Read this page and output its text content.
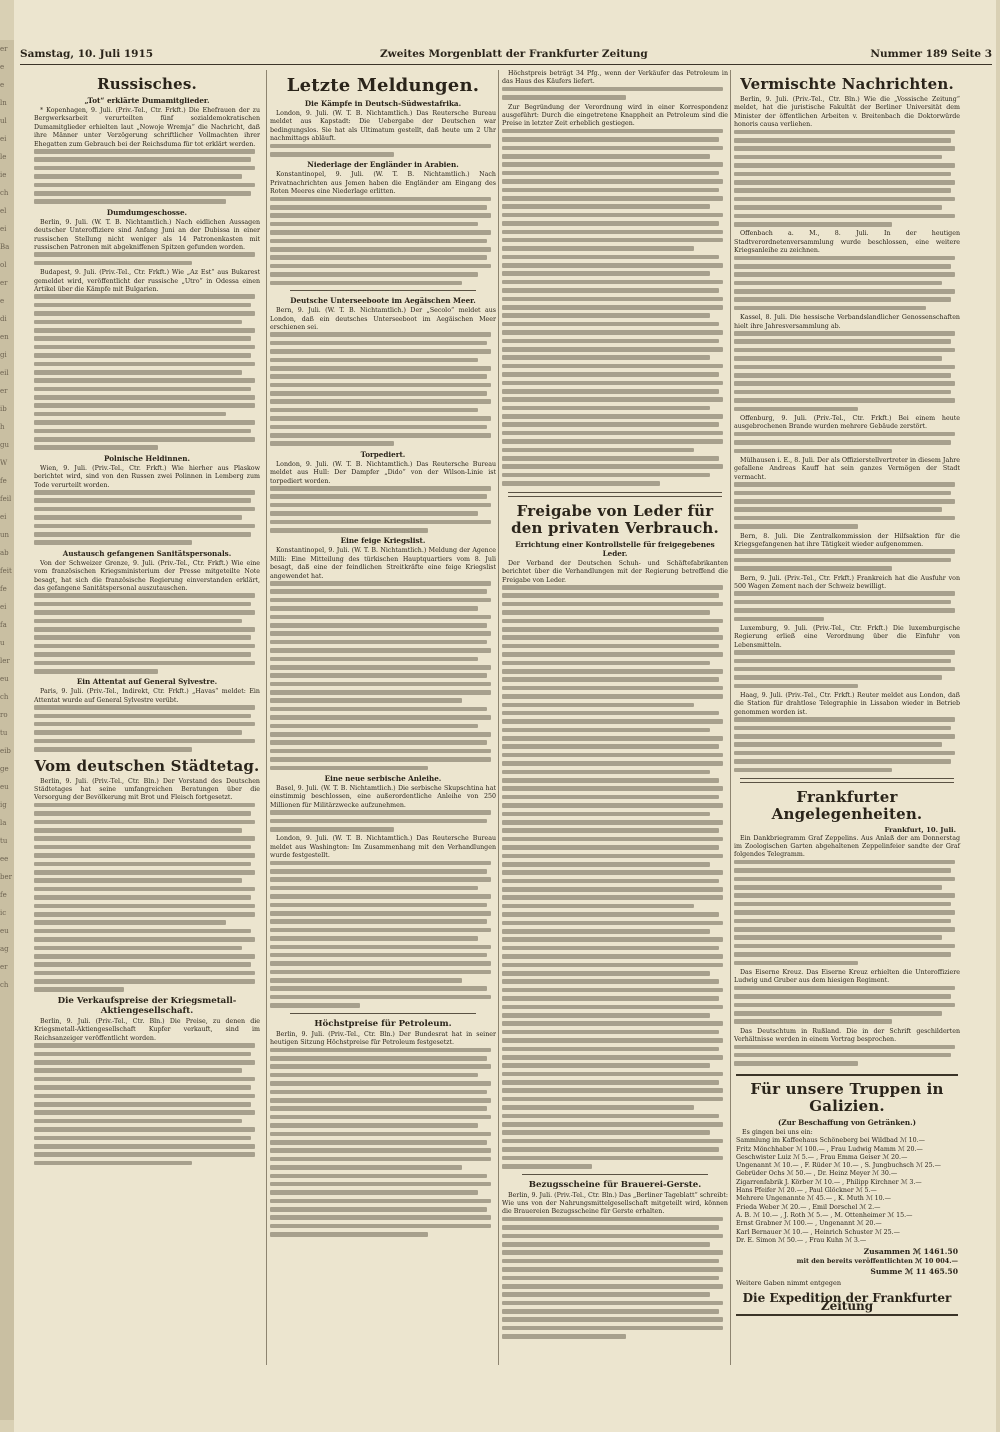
er
e
e
ln
ul
ei
le
ie
ch
el
ei
Ba
ol
er
e
di
en
gi
eil
er
ib
h
gu
W
fe
feil
ei
un
ab
feit
fe
ei
fa
u
ler
eu
ch
ro
tu
eib
ge
eu
ig
la
tu
ee
ber
fe
ic
eu
ag
er
ch
Samstag, 10. Juli 1915	Zweites Morgenblatt der Frankfurter Zeitung	Nummer 189 Seite 3
Russisches.
„Tot“ erklärte Dumamitglieder.

* Kopenhagen, 9. Juli. (Priv.-Tel., Ctr. Frkft.) Die Ehefrauen der zu Bergwerksarbeit verurteilten fünf sozialdemokratischen Dumamitglieder erhielten laut „Nowoje Wremja“ die Nachricht, daß ihre Männer unter Verzögerung schriftlicher Vollmachten ihrer Ehegatten zum Gebrauch bei der Reichsduma für tot erklärt werden.

Dumdumgeschosse.

Berlin, 9. Juli. (W. T. B. Nichtamtlich.) Nach eidlichen Aussagen deutscher Unteroffiziere sind Anfang Juni an der Dubissa in einer russischen Stellung nicht weniger als 14 Patronenkasten mit russischen Patronen mit abgekniffenen Spitzen gefunden worden.

Budapest, 9. Juli. (Priv.-Tel., Ctr. Frkft.) Wie „Az Est“ aus Bukarest gemeldet wird, veröffentlicht der russische „Utro“ in Odessa einen Artikel über die Kämpfe mit Bulgarien.

Polnische Heldinnen.

Wien, 9. Juli. (Priv.-Tel., Ctr. Frkft.) Wie hierher aus Plaskow berichtet wird, sind von den Russen zwei Polinnen in Lemberg zum Tode verurteilt worden.

Austausch gefangenen Sanitätspersonals.

Von der Schweizer Grenze, 9. Juli. (Priv.-Tel., Ctr. Frkft.) Wie eine vom französischen Kriegsministerium der Presse mitgeteilte Note besagt, hat sich die französische Regierung einverstanden erklärt, das gefangene Sanitätspersonal auszutauschen.

Ein Attentat auf General Sylvestre.

Paris, 9. Juli. (Priv.-Tel., Indirekt, Ctr. Frkft.) „Havas“ meldet: Ein Attentat wurde auf General Sylvestre verübt.

Vom deutschen Städtetag.

Berlin, 9. Juli. (Priv.-Tel., Ctr. Bln.) Der Vorstand des Deutschen Städtetages hat seine umfangreichen Beratungen über die Versorgung der Bevölkerung mit Brot und Fleisch fortgesetzt.

Die Verkaufspreise der Kriegsmetall-Aktiengesellschaft.

Berlin, 9. Juli. (Priv.-Tel., Ctr. Bln.) Die Preise, zu denen die Kriegsmetall-Aktiengesellschaft Kupfer verkauft, sind im Reichsanzeiger veröffentlicht worden.

Letzte Meldungen.
Die Kämpfe in Deutsch-Südwestafrika.

London, 9. Juli. (W. T. B. Nichtamtlich.) Das Reutersche Bureau meldet aus Kapstadt: Die Uebergabe der Deutschen war bedingungslos. Sie hat als Ultimatum gestellt, daß heute um 2 Uhr nachmittags abläuft.

Niederlage der Engländer in Arabien.

Konstantinopel, 9. Juli. (W. T. B. Nichtamtlich.) Nach Privatnachrichten aus Jemen haben die Engländer am Eingang des Roten Meeres eine Niederlage erlitten.

Deutsche Unterseeboote im Aegäischen Meer.

Bern, 9. Juli. (W. T. B. Nichtamtlich.) Der „Secolo“ meldet aus London, daß ein deutsches Unterseeboot im Aegäischen Meer erschienen sei.

Torpediert.

London, 9. Juli. (W. T. B. Nichtamtlich.) Das Reutersche Bureau meldet aus Hull: Der Dampfer „Dido“ von der Wilson-Linie ist torpediert worden.

Eine feige Kriegslist.

Konstantinopel, 9. Juli. (W. T. B. Nichtamtlich.) Meldung der Agence Milli: Eine Mitteilung des türkischen Hauptquartiers vom 8. Juli besagt, daß eine der feindlichen Streitkräfte eine feige Kriegslist angewendet hat.

Eine neue serbische Anleihe.

Basel, 9. Juli. (W. T. B. Nichtamtlich.) Die serbische Skupschtina hat einstimmig beschlossen, eine außerordentliche Anleihe von 250 Millionen für Militärzwecke aufzunehmen.

London, 9. Juli. (W. T. B. Nichtamtlich.) Das Reutersche Bureau meldet aus Washington: Im Zusammenhang mit den Verhandlungen wurde festgestellt.

Höchstpreise für Petroleum.

Berlin, 9. Juli. (Priv.-Tel., Ctr. Bln.) Der Bundesrat hat in seiner heutigen Sitzung Höchstpreise für Petroleum festgesetzt.

Höchstpreis beträgt 34 Pfg., wenn der Verkäufer das Petroleum in das Haus des Käufers liefert.

Zur Begründung der Verordnung wird in einer Korrespondenz ausgeführt: Durch die eingetretene Knappheit an Petroleum sind die Preise in letzter Zeit erheblich gestiegen.

Freigabe von Leder für den privaten Verbrauch.
Errichtung einer Kontrollstelle für freigegebenes Leder.

Der Verband der Deutschen Schuh- und Schäftefabrikanten berichtet über die Verhandlungen mit der Regierung betreffend die Freigabe von Leder.

Bezugsscheine für Brauerei-Gerste.

Berlin, 9. Juli. (Priv.-Tel., Ctr. Bln.) Das „Berliner Tageblatt“ schreibt: Wie uns von der Nahrungsmittelgesellschaft mitgeteilt wird, können die Brauereien Bezugsscheine für Gerste erhalten.

Vermischte Nachrichten.

Berlin, 9. Juli. (Priv.-Tel., Ctr. Bln.) Wie die „Vossische Zeitung“ meldet, hat die juristische Fakultät der Berliner Universität dem Minister der öffentlichen Arbeiten v. Breitenbach die Doktorwürde honoris causa verliehen.

Offenbach a. M., 8. Juli. In der heutigen Stadtverordnetenversammlung wurde beschlossen, eine weitere Kriegsanleihe zu zeichnen.

Kassel, 8. Juli. Die hessische Verbandslandlicher Genossenschaften hielt ihre Jahresversammlung ab.

Offenburg, 9. Juli. (Priv.-Tel., Ctr. Frkft.) Bei einem heute ausgebrochenen Brande wurden mehrere Gebäude zerstört.

Mülhausen i. E., 8. Juli. Der als Offizierstellvertreter in diesem Jahre gefallene Andreas Kauff hat sein ganzes Vermögen der Stadt vermacht.

Bern, 8. Juli. Die Zentralkommission der Hilfsaktion für die Kriegsgefangenen hat ihre Tätigkeit wieder aufgenommen.

Bern, 9. Juli. (Priv.-Tel., Ctr. Frkft.) Frankreich hat die Ausfuhr von 500 Wagen Zement nach der Schweiz bewilligt.

Luxemburg, 9. Juli. (Priv.-Tel., Ctr. Frkft.) Die luxemburgische Regierung erließ eine Verordnung über die Einfuhr von Lebensmitteln.

Haag, 9. Juli. (Priv.-Tel., Ctr. Frkft.) Reuter meldet aus London, daß die Station für drahtlose Telegraphie in Lissabon wieder in Betrieb genommen worden ist.

Frankfurter Angelegenheiten.
Frankfurt, 10. Juli.

Ein Dankbriegramm Graf Zeppelins. Aus Anlaß der am Donnerstag im Zoologischen Garten abgehaltenen Zeppelinfeier sandte der Graf folgendes Telegramm.

Das Eiserne Kreuz. Das Eiserne Kreuz erhielten die Unteroffiziere Ludwig und Gruber aus dem hiesigen Regiment.

Das Deutschtum in Rußland. Die in der Schrift geschilderten Verhältnisse werden in einem Vortrag besprochen.

Für unsere Truppen in Galizien.
(Zur Beschaffung von Getränken.)

Es gingen bei uns ein:

Sammlung im Kaffeehaus Schöneberg bei Wildbad ℳ 10.—
Fritz Mönchhaber ℳ 100.— , Frau Ludwig Mamm ℳ 20.—
Geschwister Luiz ℳ 5.— , Frau Emma Geiser ℳ 20.—
Ungenannt ℳ 10.— , F. Rüder ℳ 10.— , S. Jungbuchsch ℳ 25.—
Gebrüder Ochs ℳ 50.— , Dr. Heinz Meyer ℳ 30.—
Zigarrenfabrik J. Körber ℳ 10.— , Philipp Kirchner ℳ 3.—
Hans Pfeifer ℳ 20.— , Paul Glöckner ℳ 5.—
Mehrere Ungenannte ℳ 45.— , K. Muth ℳ 10.—
Frieda Weber ℳ 20.— , Emil Dorschel ℳ 2.—
A. B. ℳ 10.— , J. Roth ℳ 5.— , M. Ottenheimer ℳ 15.—
Ernst Grabner ℳ 100.— , Ungenannt ℳ 20.—
Karl Bernauer ℳ 10.— , Heinrich Schuster ℳ 25.—
Dr. E. Simon ℳ 50.— , Frau Kuhn ℳ 3.—
Zusammen ℳ 1461.50
mit den bereits veröffentlichten ℳ 10 004.—
Summe ℳ 11 465.50
Weitere Gaben nimmt entgegen
Die Expedition der Frankfurter Zeitung
